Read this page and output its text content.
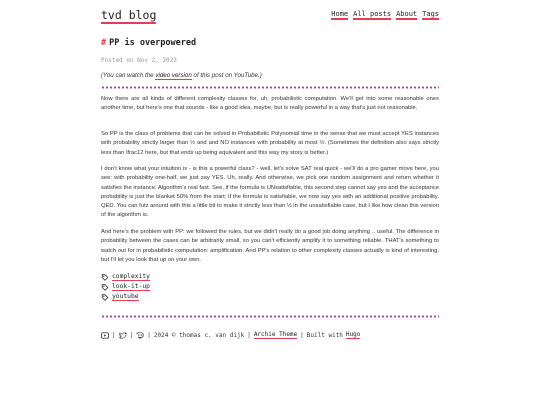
tvd blog	Home All posts About Tags
# PP is overpowered
Posted on Nov 2, 2023

(You can watch the video version of this post on YouTube.)

Now there are all kinds of different complexity classes for, uh, probabilistic computation. We'll get into some reasonable ones another time, but here's one that sounds - like a good idea, maybe, but is really powerful in a way that's just not reasonable.

So PP is the class of problems that can be solved in Probabilistic Polynomial time in the sense that we must accept YES instances with probability strictly larger than ½ and and NO instances with probability at most ½. (Sometimes the definition also says strictly less than \frac12 here, but that ends up being equivalent and this way my story is better.)

I don't know what your intuition is - is this a powerful class? - well, let's solve SAT real quick - we'll do a pro gamer move here, you see: with probability one-half, we just say YES. Uh, really. And otherwise, we pick one random assignment and return whether it satisfies the instance. Algorithm's real fast. See, if the formula is UNsatisfiable, this second step cannot say yes and the acceptance probability is just the blanket 50% from the start; if the formula is satisfiable, we now say yes with an additional positive probability. QED. You can futz around with this a little bit to make it strictly less than ½ in the unsatisfiable case, but I like how clean this version of the algorithm is.

And here's the problem with PP: we followed the rules, but we didn't really do a good job doing anything .. useful. The difference in probability between the cases can be arbitrarily small, so you can't efficiently amplify it to something reliable. THAT's something to watch out for in probabilistic computation: amplification. And PP's relation to other complexity classes actually is kind of interesting, but I'll let you look that up on your own.

complexity
look-it-up
youtube
| | | 2024 © thomas c. van dijk | Archie Theme | Built with Hugo
